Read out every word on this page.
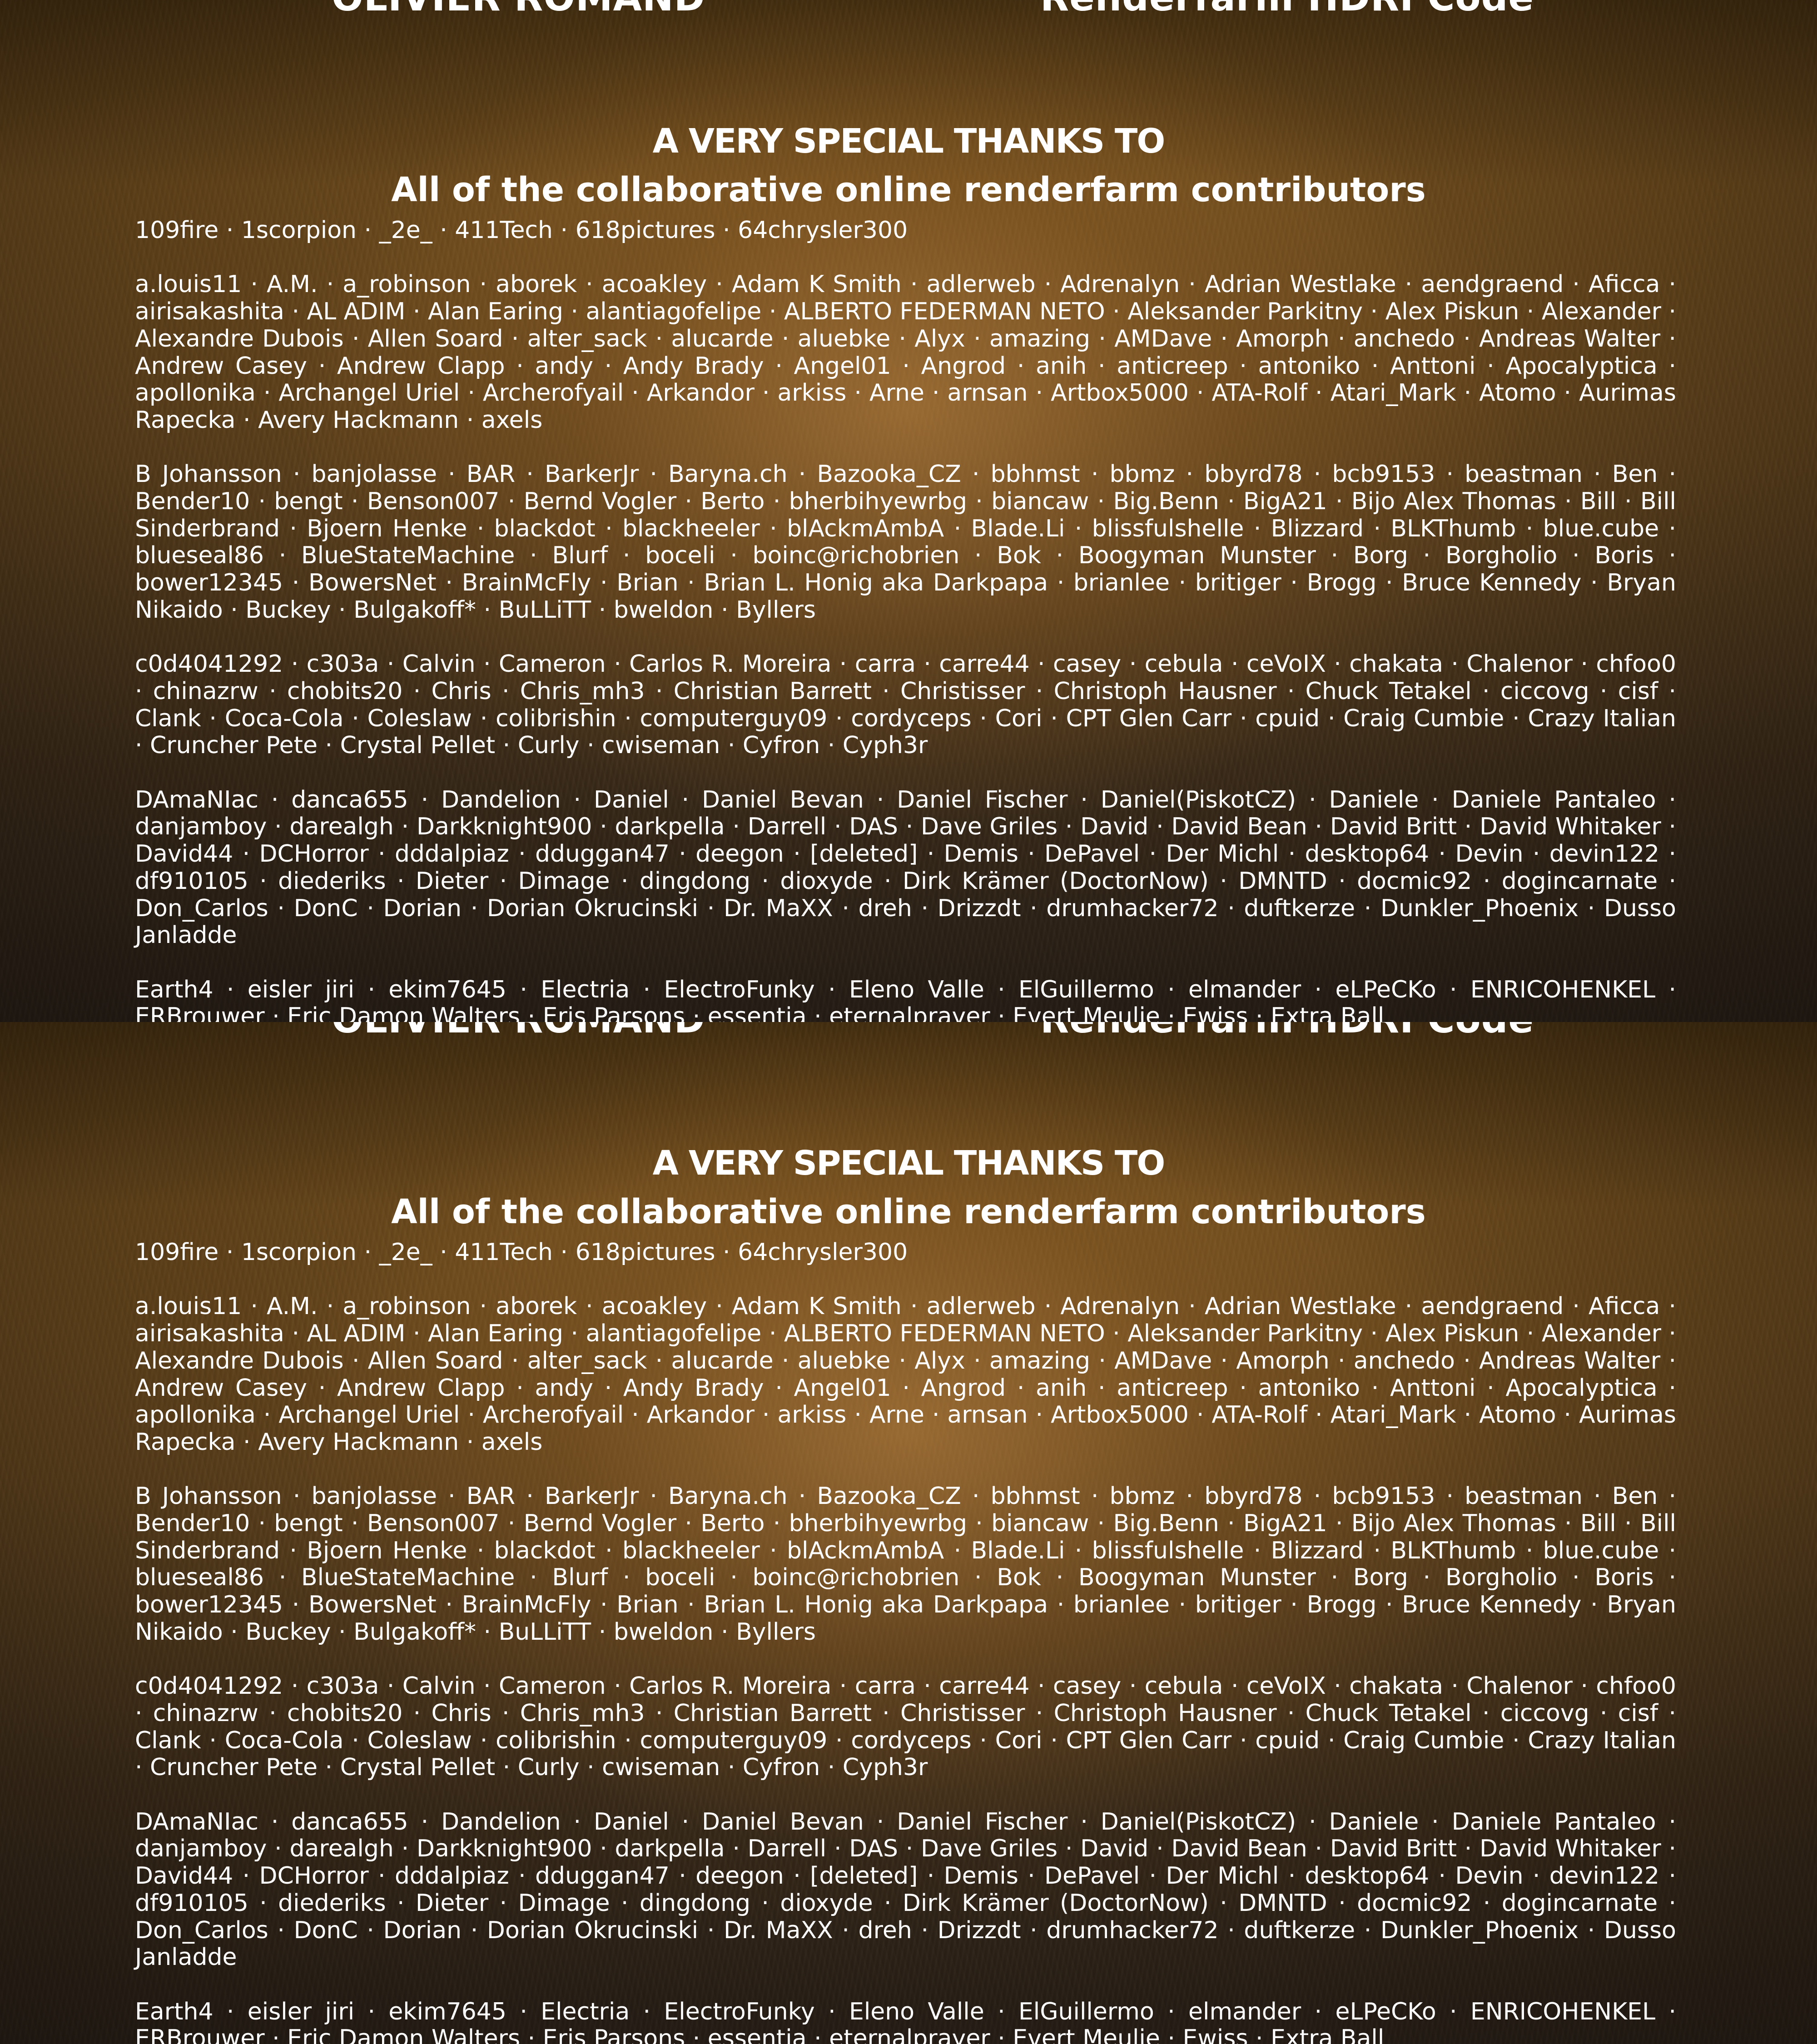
A VERY SPECIAL THANKS TO
All of the collaborative online renderfarm contributors

109fire · 1scorpion · _2e_ · 411Tech · 618pictures · 64chrysler300

a.louis11 · A.M. · a_robinson · aborek · acoakley · Adam K Smith · adlerweb · Adrenalyn · Adrian Westlake · aendgraend · Aficca · airisakashita · AL ADIM · Alan Earing · alantiagofelipe · ALBERTO FEDERMAN NETO · Aleksander Parkitny · Alex Piskun · Alexander · Alexandre Dubois · Allen Soard · alter_sack · alucarde · aluebke · Alyx · amazing · AMDave · Amorph · anchedo · Andreas Walter · Andrew Casey · Andrew Clapp · andy · Andy Brady · Angel01 · Angrod · anih · anticreep · antoniko · Anttoni · Apocalyptica · apollonika · Archangel Uriel · Archerofyail · Arkandor · arkiss · Arne · arnsan · Artbox5000 · ATA-Rolf · Atari_Mark · Atomo · Aurimas Rapecka · Avery Hackmann · axels

B Johansson · banjolasse · BAR · BarkerJr · Baryna.ch · Bazooka_CZ · bbhmst · bbmz · bbyrd78 · bcb9153 · beastman · Ben · Bender10 · bengt · Benson007 · Bernd Vogler · Berto · bherbihyewrbg · biancaw · Big.Benn · BigA21 · Bijo Alex Thomas · Bill · Bill Sinderbrand · Bjoern Henke · blackdot · blackheeler · blAckmAmbA · Blade.Li · blissfulshelle · Blizzard · BLKThumb · blue.cube · blueseal86 · BlueStateMachine · Blurf · boceli · boinc@richobrien · Bok · Boogyman Munster · Borg · Borgholio · Boris · bower12345 · BowersNet · BrainMcFly · Brian · Brian L. Honig aka Darkpapa · brianlee · britiger · Brogg · Bruce Kennedy · Bryan Nikaido · Buckey · Bulgakoff* · BuLLiTT · bweldon · Byllers

c0d4041292 · c303a · Calvin · Cameron · Carlos R. Moreira · carra · carre44 · casey · cebula · ceVoIX · chakata · Chalenor · chfoo0 · chinazrw · chobits20 · Chris · Chris_mh3 · Christian Barrett · Christisser · Christoph Hausner · Chuck Tetakel · ciccovg · cisf · Clank · Coca-Cola · Coleslaw · colibrishin · computerguy09 · cordyceps · Cori · CPT Glen Carr · cpuid · Craig Cumbie · Crazy Italian · Cruncher Pete · Crystal Pellet · Curly · cwiseman · Cyfron · Cyph3r

DAmaNIac · danca655 · Dandelion · Daniel · Daniel Bevan · Daniel Fischer · Daniel(PiskotCZ) · Daniele · Daniele Pantaleo · danjamboy · darealgh · Darkknight900 · darkpella · Darrell · DAS · Dave Griles · David · David Bean · David Britt · David Whitaker · David44 · DCHorror · dddalpiaz · dduggan47 · deegon · [deleted] · Demis · DePavel · Der Michl · desktop64 · Devin · devin122 · df910105 · diederiks · Dieter · Dimage · dingdong · dioxyde · Dirk Krämer (DoctorNow) · DMNTD · docmic92 · dogincarnate · Don_Carlos · DonC · Dorian · Dorian Okrucinski · Dr. MaXX · dreh · Drizzdt · drumhacker72 · duftkerze · Dunkler_Phoenix · Dusso Janladde

Earth4 · eisler jiri · ekim7645 · Electria · ElectroFunky · Eleno Valle · ElGuillermo · elmander · eLPeCKo · ENRICOHENKEL · ERBrouwer · Eric Damon Walters · Eris Parsons · essentia · eternalprayer · Evert Meulie · Ewiss · Extra Ball

A VERY SPECIAL THANKS TO
All of the collaborative online renderfarm contributors

109fire · 1scorpion · _2e_ · 411Tech · 618pictures · 64chrysler300

a.louis11 · A.M. · a_robinson · aborek · acoakley · Adam K Smith · adlerweb · Adrenalyn · Adrian Westlake · aendgraend · Aficca · airisakashita · AL ADIM · Alan Earing · alantiagofelipe · ALBERTO FEDERMAN NETO · Aleksander Parkitny · Alex Piskun · Alexander · Alexandre Dubois · Allen Soard · alter_sack · alucarde · aluebke · Alyx · amazing · AMDave · Amorph · anchedo · Andreas Walter · Andrew Casey · Andrew Clapp · andy · Andy Brady · Angel01 · Angrod · anih · anticreep · antoniko · Anttoni · Apocalyptica · apollonika · Archangel Uriel · Archerofyail · Arkandor · arkiss · Arne · arnsan · Artbox5000 · ATA-Rolf · Atari_Mark · Atomo · Aurimas Rapecka · Avery Hackmann · axels

B Johansson · banjolasse · BAR · BarkerJr · Baryna.ch · Bazooka_CZ · bbhmst · bbmz · bbyrd78 · bcb9153 · beastman · Ben · Bender10 · bengt · Benson007 · Bernd Vogler · Berto · bherbihyewrbg · biancaw · Big.Benn · BigA21 · Bijo Alex Thomas · Bill · Bill Sinderbrand · Bjoern Henke · blackdot · blackheeler · blAckmAmbA · Blade.Li · blissfulshelle · Blizzard · BLKThumb · blue.cube · blueseal86 · BlueStateMachine · Blurf · boceli · boinc@richobrien · Bok · Boogyman Munster · Borg · Borgholio · Boris · bower12345 · BowersNet · BrainMcFly · Brian · Brian L. Honig aka Darkpapa · brianlee · britiger · Brogg · Bruce Kennedy · Bryan Nikaido · Buckey · Bulgakoff* · BuLLiTT · bweldon · Byllers

c0d4041292 · c303a · Calvin · Cameron · Carlos R. Moreira · carra · carre44 · casey · cebula · ceVoIX · chakata · Chalenor · chfoo0 · chinazrw · chobits20 · Chris · Chris_mh3 · Christian Barrett · Christisser · Christoph Hausner · Chuck Tetakel · ciccovg · cisf · Clank · Coca-Cola · Coleslaw · colibrishin · computerguy09 · cordyceps · Cori · CPT Glen Carr · cpuid · Craig Cumbie · Crazy Italian · Cruncher Pete · Crystal Pellet · Curly · cwiseman · Cyfron · Cyph3r

DAmaNIac · danca655 · Dandelion · Daniel · Daniel Bevan · Daniel Fischer · Daniel(PiskotCZ) · Daniele · Daniele Pantaleo · danjamboy · darealgh · Darkknight900 · darkpella · Darrell · DAS · Dave Griles · David · David Bean · David Britt · David Whitaker · David44 · DCHorror · dddalpiaz · dduggan47 · deegon · [deleted] · Demis · DePavel · Der Michl · desktop64 · Devin · devin122 · df910105 · diederiks · Dieter · Dimage · dingdong · dioxyde · Dirk Krämer (DoctorNow) · DMNTD · docmic92 · dogincarnate · Don_Carlos · DonC · Dorian · Dorian Okrucinski · Dr. MaXX · dreh · Drizzdt · drumhacker72 · duftkerze · Dunkler_Phoenix · Dusso Janladde

Earth4 · eisler jiri · ekim7645 · Electria · ElectroFunky · Eleno Valle · ElGuillermo · elmander · eLPeCKo · ENRICOHENKEL · ERBrouwer · Eric Damon Walters · Eris Parsons · essentia · eternalprayer · Evert Meulie · Ewiss · Extra Ball
